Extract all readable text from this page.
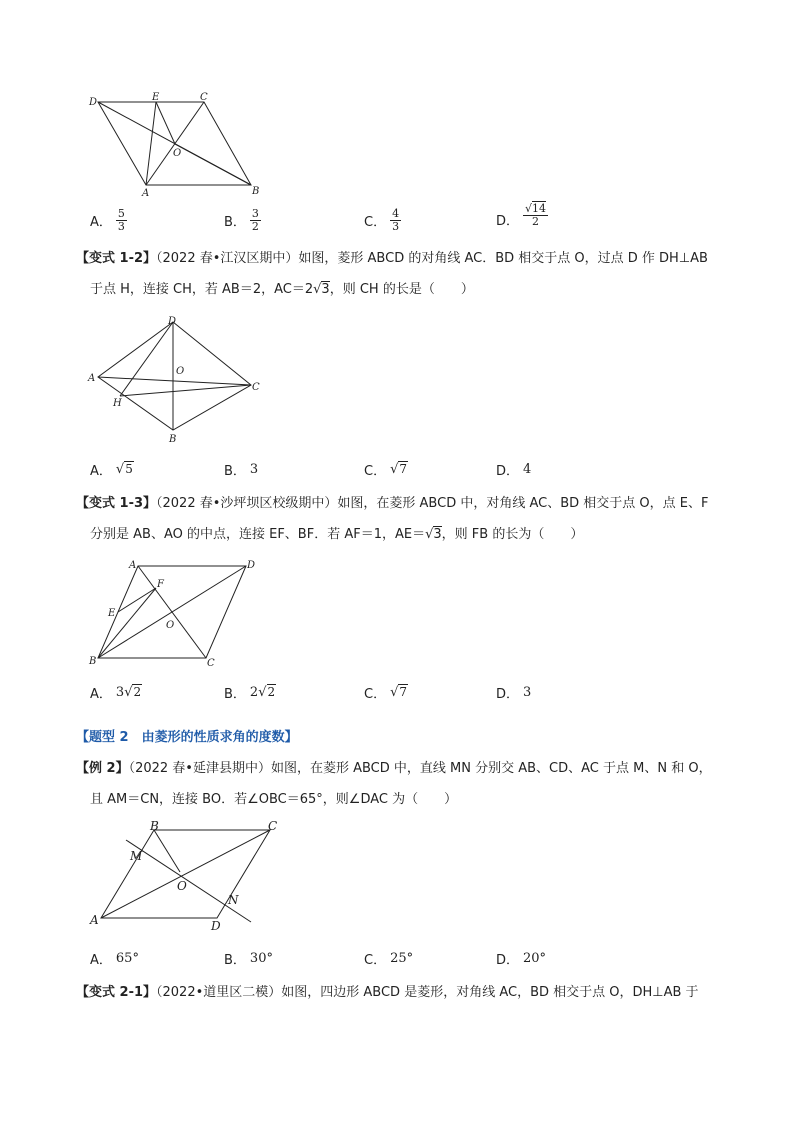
D	E	C
O
A	B
A． $\frac{5}{3}$	B． $\frac{3}{2}$	C． $\frac{4}{3}$	D． $\frac{√14}{2}$
【变式 1-2】（2022 春•江汉区期中）如图，菱形 ABCD 的对角线 AC．BD 相交于点 O，过点 D 作 DH⊥AB
于点 H，连接 CH，若 AB＝2，AC＝2√3，则 CH 的长是（　　）
D
A
O
C
H
B
A． √5	B． 3	C． √7	D． 4
【变式 1-3】（2022 春•沙坪坝区校级期中）如图，在菱形 ABCD 中，对角线 AC、BD 相交于点 O，点 E、F
分别是 AB、AO 的中点，连接 EF、BF．若 AF＝1，AE＝√3，则 FB 的长为（　　）
A	D
F
E
O
B	C
A． 3 √2	B． 2 √2	C． √7	D． 3
【题型 2　由菱形的性质求角的度数】
【例 2】（2022 春•延津县期中）如图，在菱形 ABCD 中，直线 MN 分别交 AB、CD、AC 于点 M、N 和 O，
且 AM＝CN，连接 BO．若∠OBC＝65°，则∠DAC 为（　　）
B	C
M
O
N
A	D
A． 65°	B． 30°	C． 25°	D． 20°
【变式 2-1】（2022•道里区二模）如图，四边形 ABCD 是菱形，对角线 AC，BD 相交于点 O，DH⊥AB 于
